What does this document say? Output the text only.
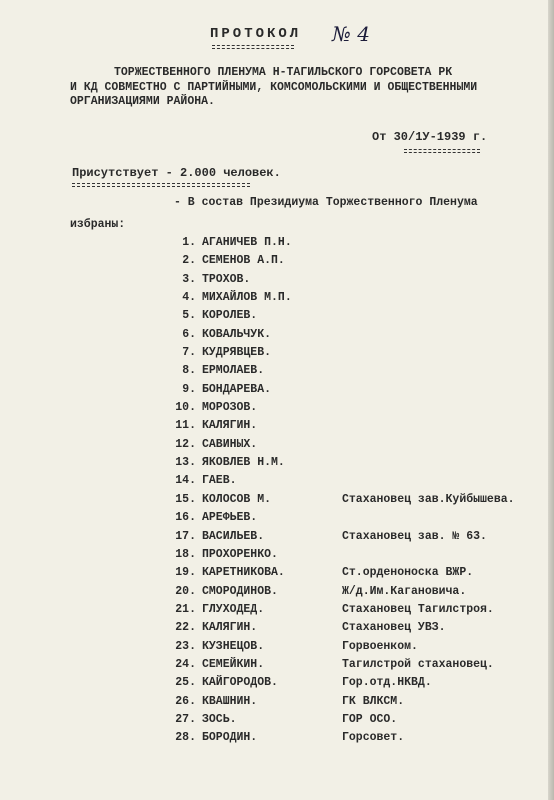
ПРОТОКОЛ № 4
ТОРЖЕСТВЕННОГО ПЛЕНУМА Н-ТАГИЛЬСКОГО ГОРСОВЕТА РК
И КД СОВМЕСТНО С ПАРТИЙНЫМИ, КОМСОМОЛЬСКИМИ И ОБЩЕСТВЕННЫМИ
ОРГАНИЗАЦИЯМИ РАЙОНА.
От 30/1У-1939 г.
Присутствует - 2.000 человек.
- В состав Президиума Торжественного Пленума
избраны:
1. АГАНИЧЕВ П.Н.
2. СЕМЕНОВ А.П.
3. ТРОХОВ.
4. МИХАЙЛОВ М.П.
5. КОРОЛЕВ.
6. КОВАЛЬЧУК.
7. КУДРЯВЦЕВ.
8. ЕРМОЛАЕВ.
9. БОНДАРЕВА.
10. МОРОЗОВ.
11. КАЛЯГИН.
12. САВИНЫХ.
13. ЯКОВЛЕВ Н.М.
14. ГАЕВ.
15. КОЛОСОВ М.	Стахановец зав.Куйбышева.
16. АРЕФЬЕВ.
17. ВАСИЛЬЕВ.	Стахановец зав. № 63.
18. ПРОХОРЕНКО.
19. КАРЕТНИКОВА.	Ст.орденоноска ВЖР.
20. СМОРОДИНОВ.	Ж/д.Им.Кагановича.
21. ГЛУХОДЕД.	Стахановец Тагилстроя.
22. КАЛЯГИН.	Стахановец УВЗ.
23. КУЗНЕЦОВ.	Горвоенком.
24. СЕМЕЙКИН.	Тагилстрой стахановец.
25. КАЙГОРОДОВ.	Гор.отд.НКВД.
26. КВАШНИН.	ГК ВЛКСМ.
27. ЗОСЬ.	ГОР ОСО.
28. БОРОДИН.	Горсовет.
